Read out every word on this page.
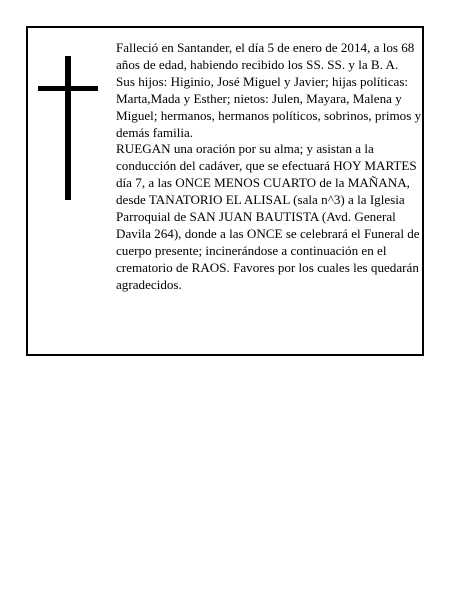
Falleció en Santander, el día 5 de enero de 2014, a los 68 años de edad, habiendo recibido los SS. SS. y la B. A.

Sus hijos: Higinio, José Miguel y Javier; hijas políticas: Marta,Mada y Esther; nietos: Julen, Mayara, Malena y Miguel; hermanos, hermanos políticos, sobrinos, primos y demás familia.

RUEGAN una oración por su alma; y asistan a la conducción del cadáver, que se efectuará HOY MARTES día 7, a las ONCE MENOS CUARTO de la MAÑANA, desde TANATORIO EL ALISAL (sala n^3) a la Iglesia Parroquial de SAN JUAN BAUTISTA (Avd. General Davila 264), donde a las ONCE se celebrará el Funeral de cuerpo presente; incinerándose a continuación en el crematorio de RAOS. Favores por los cuales les quedarán agradecidos.
